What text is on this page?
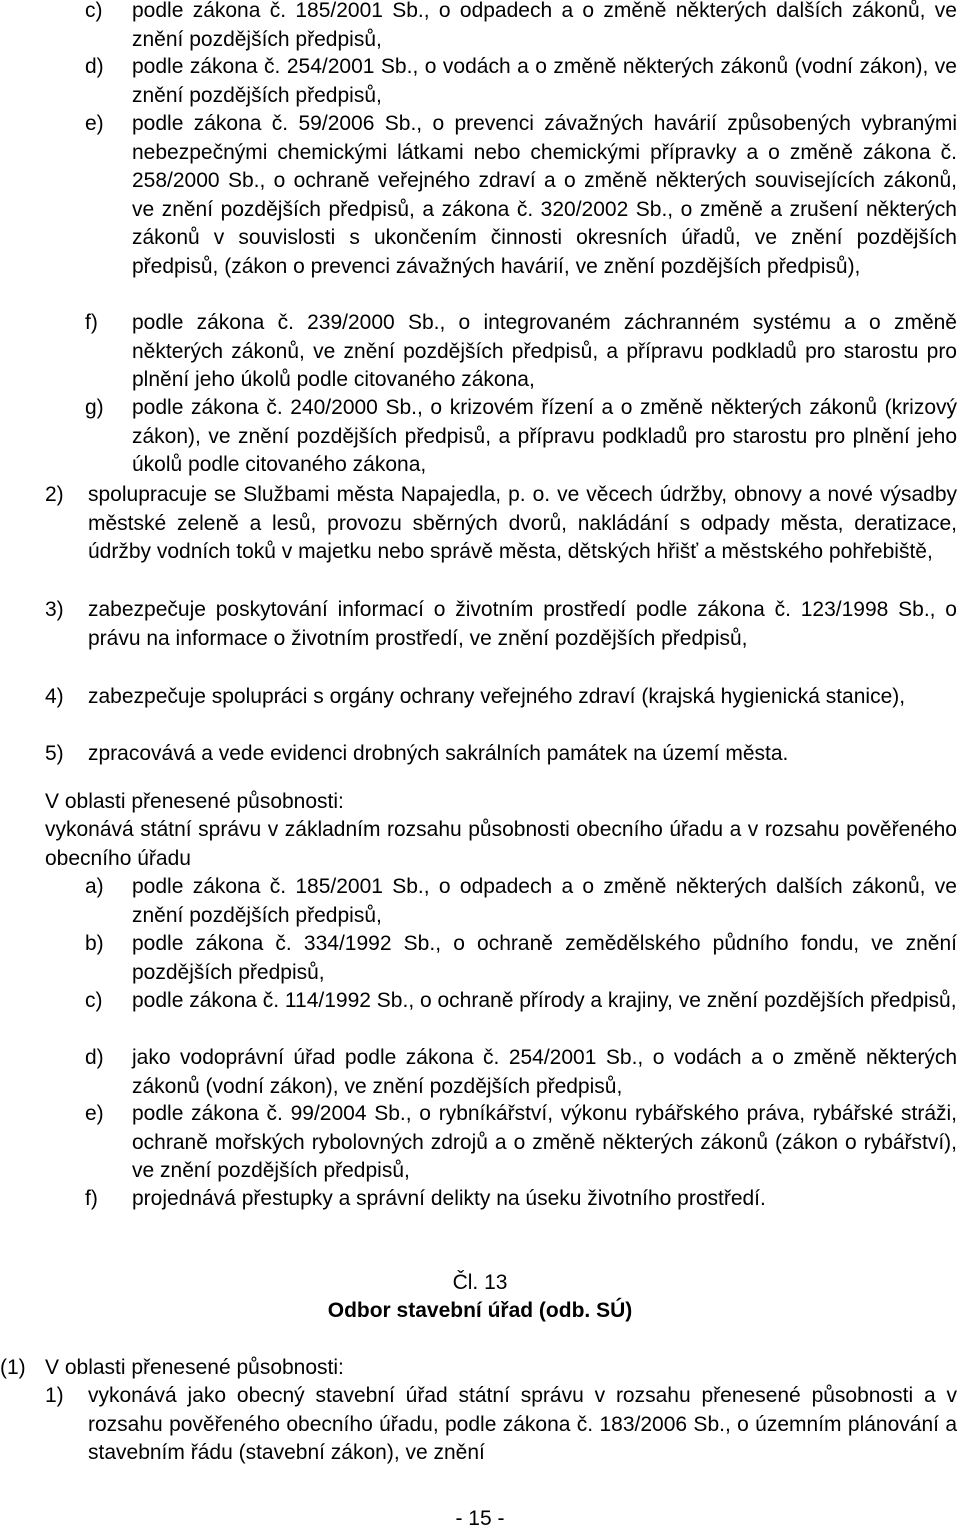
c) podle zákona č. 185/2001 Sb., o odpadech a o změně některých dalších zákonů, ve znění pozdějších předpisů,
d) podle zákona č. 254/2001 Sb., o vodách a o změně některých zákonů (vodní zákon), ve znění pozdějších předpisů,
e) podle zákona č. 59/2006 Sb., o prevenci závažných havárií způsobených vybranými nebezpečnými chemickými látkami nebo chemickými přípravky a o změně zákona č. 258/2000 Sb., o ochraně veřejného zdraví a o změně některých souvisejících zákonů, ve znění pozdějších předpisů, a zákona č. 320/2002 Sb., o změně a zrušení některých zákonů v souvislosti s ukončením činnosti okresních úřadů, ve znění pozdějších předpisů, (zákon o prevenci závažných havárií, ve znění pozdějších předpisů),
f) podle zákona č. 239/2000 Sb., o integrovaném záchranném systému a o změně některých zákonů, ve znění pozdějších předpisů, a přípravu podkladů pro starostu pro plnění jeho úkolů podle citovaného zákona,
g) podle zákona č. 240/2000 Sb., o krizovém řízení a o změně některých zákonů (krizový zákon), ve znění pozdějších předpisů, a přípravu podkladů pro starostu pro plnění jeho úkolů podle citovaného zákona,
2) spolupracuje se Službami města Napajedla, p. o. ve věcech údržby, obnovy a nové výsadby městské zeleně a lesů, provozu sběrných dvorů, nakládání s odpady města, deratizace, údržby vodních toků v majetku nebo správě města, dětských hřišť a městského pohřebiště,
3) zabezpečuje poskytování informací o životním prostředí podle zákona č. 123/1998 Sb., o právu na informace o životním prostředí, ve znění pozdějších předpisů,
4) zabezpečuje spolupráci s orgány ochrany veřejného zdraví (krajská hygienická stanice),
5) zpracovává a vede evidenci drobných sakrálních památek na území města.
V oblasti přenesené působnosti:
vykonává státní správu v základním rozsahu působnosti obecního úřadu a v rozsahu pověřeného obecního úřadu
a) podle zákona č. 185/2001 Sb., o odpadech a o změně některých dalších zákonů, ve znění pozdějších předpisů,
b) podle zákona č. 334/1992 Sb., o ochraně zemědělského půdního fondu, ve znění pozdějších předpisů,
c) podle zákona č. 114/1992 Sb., o ochraně přírody a krajiny, ve znění pozdějších předpisů,
d) jako vodoprávní úřad podle zákona č. 254/2001 Sb., o vodách a o změně některých zákonů (vodní zákon), ve znění pozdějších předpisů,
e) podle zákona č. 99/2004 Sb., o rybníkářství, výkonu rybářského práva, rybářské stráži, ochraně mořských rybolovných zdrojů a o změně některých zákonů (zákon o rybářství), ve znění pozdějších předpisů,
f) projednává přestupky a správní delikty na úseku životního prostředí.
Čl. 13
Odbor stavební úřad (odb. SÚ)
(1) V oblasti přenesené působnosti:
1) vykonává jako obecný stavební úřad státní správu v rozsahu přenesené působnosti a v rozsahu pověřeného obecního úřadu, podle zákona č. 183/2006 Sb., o územním plánování a stavebním řádu (stavební zákon), ve znění
- 15 -
